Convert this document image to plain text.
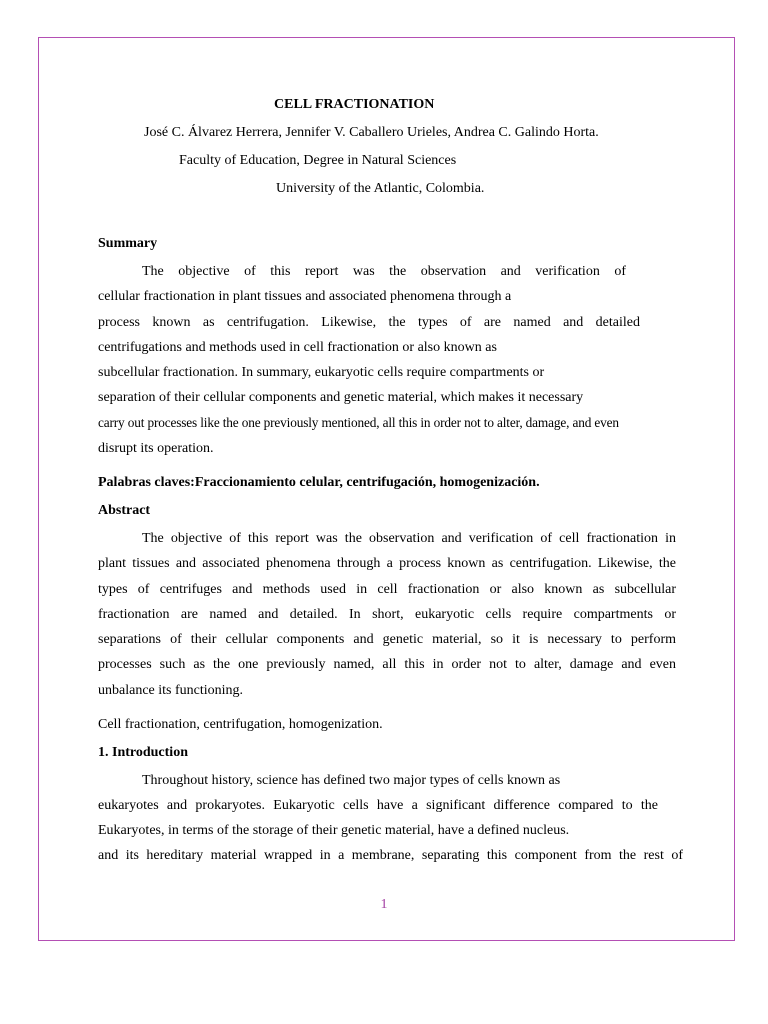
CELL FRACTIONATION
José C. Álvarez Herrera, Jennifer V. Caballero Urieles, Andrea C. Galindo Horta.
Faculty of Education, Degree in Natural Sciences
University of the Atlantic, Colombia.
Summary
The objective of this report was the observation and verification of
cellular fractionation in plant tissues and associated phenomena through a
process known as centrifugation. Likewise, the types of are named and detailed
centrifugations and methods used in cell fractionation or also known as
subcellular fractionation. In summary, eukaryotic cells require compartments or
separation of their cellular components and genetic material, which makes it necessary
carry out processes like the one previously mentioned, all this in order not to alter, damage, and even
disrupt its operation.
Palabras claves:Fraccionamiento celular, centrifugación, homogenización.
Abstract
The objective of this report was the observation and verification of cell fractionation in
plant tissues and associated phenomena through a process known as centrifugation. Likewise, the
types of centrifuges and methods used in cell fractionation or also known as subcellular
fractionation are named and detailed. In short, eukaryotic cells require compartments or
separations of their cellular components and genetic material, so it is necessary to perform
processes such as the one previously named, all this in order not to alter, damage and even
unbalance its functioning.
Cell fractionation, centrifugation, homogenization.
1. Introduction
Throughout history, science has defined two major types of cells known as
eukaryotes and prokaryotes. Eukaryotic cells have a significant difference compared to the
Eukaryotes, in terms of the storage of their genetic material, have a defined nucleus.
and its hereditary material wrapped in a membrane, separating this component from the rest of
1
